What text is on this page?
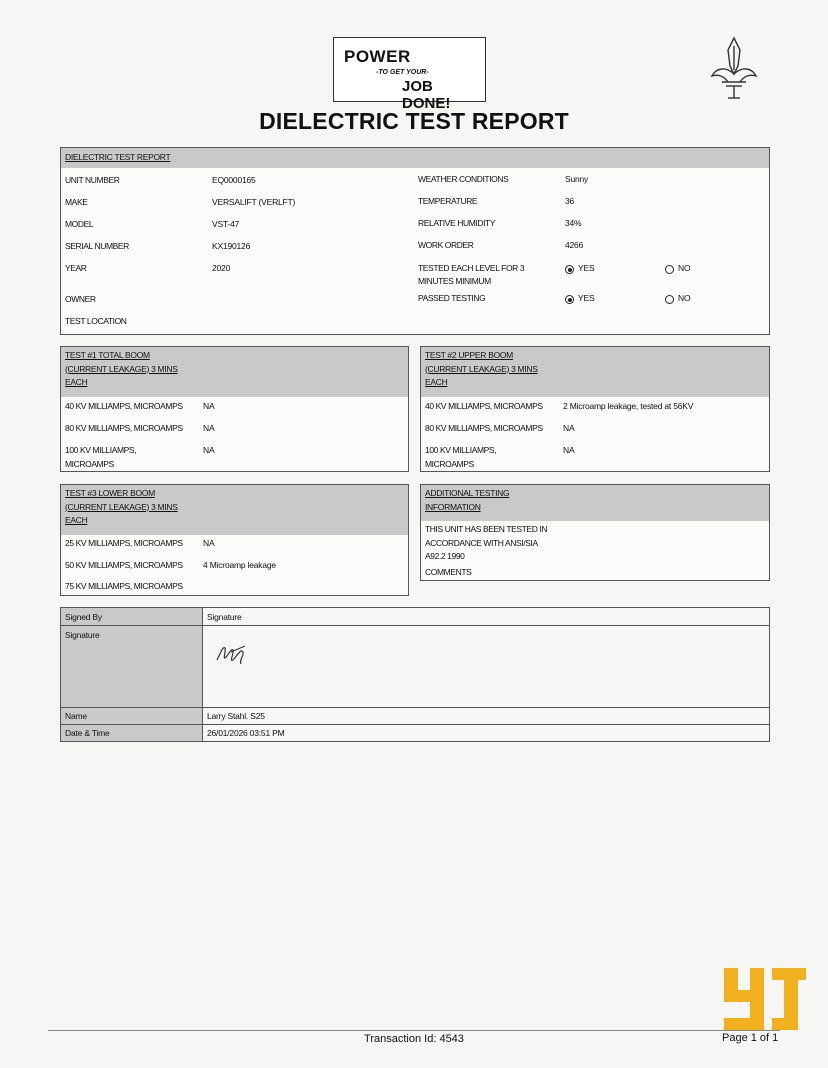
POWER
-TO GET YOUR-
JOB DONE!
DIELECTRIC TEST REPORT
DIELECTRIC TEST REPORT
UNIT NUMBER	EQ0000165
MAKE	VERSALIFT (VERLFT)
MODEL	VST-47
SERIAL NUMBER	KX190126
YEAR	2020
OWNER
TEST LOCATION
WEATHER CONDITIONS	Sunny
TEMPERATURE	36
RELATIVE HUMIDITY	34%
WORK ORDER	4266
TESTED EACH LEVEL FOR 3
MINUTES MINIMUM
YES	NO
PASSED TESTING	YES	NO
TEST #1 TOTAL BOOM
(CURRENT LEAKAGE) 3 MINS
EACH
40 KV MILLIAMPS, MICROAMPS NA
80 KV MILLIAMPS, MICROAMPS NA
100 KV MILLIAMPS,
MICROAMPS
NA
TEST #2 UPPER BOOM
(CURRENT LEAKAGE) 3 MINS
EACH
40 KV MILLIAMPS, MICROAMPS 2 Microamp leakage, tested at 56KV
80 KV MILLIAMPS, MICROAMPS NA
100 KV MILLIAMPS,
MICROAMPS
NA
TEST #3 LOWER BOOM
(CURRENT LEAKAGE) 3 MINS
EACH
25 KV MILLIAMPS, MICROAMPS NA
50 KV MILLIAMPS, MICROAMPS 4 Microamp leakage
75 KV MILLIAMPS, MICROAMPS
ADDITIONAL TESTING
INFORMATION
THIS UNIT HAS BEEN TESTED IN
ACCORDANCE WITH ANSI/SIA
A92.2 1990
COMMENTS
Signed By	Signature
Signature
Name	Larry Stahl. S25
Date & Time	26/01/2026 03:51 PM
Transaction Id: 4543	Page 1 of 1
